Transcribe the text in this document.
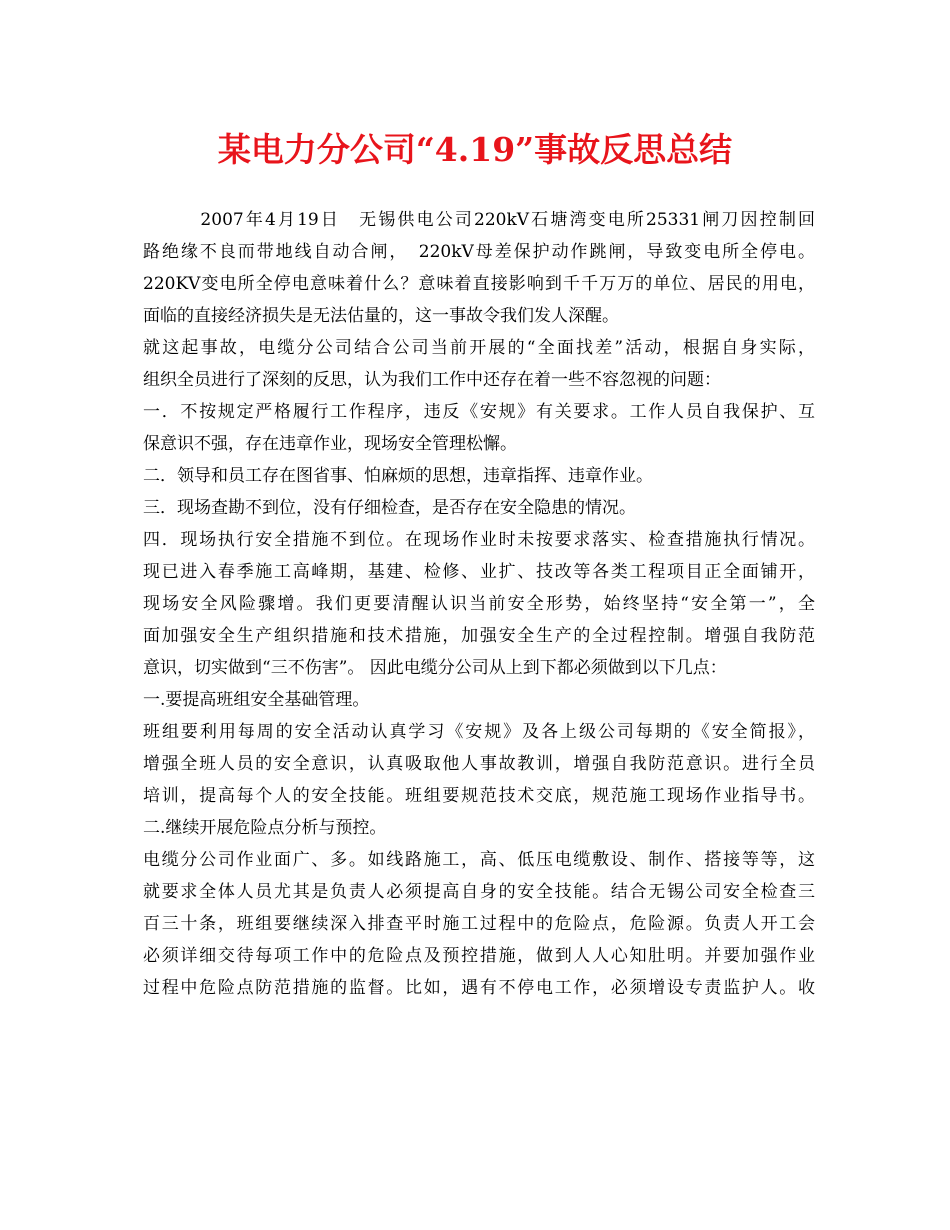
某电力分公司“4.19”事故反思总结
　　　2007年4月19日　无锡供电公司220kV石塘湾变电所25331闸刀因控制回
路绝缘不良而带地线自动合闸，　220kV母差保护动作跳闸，导致变电所全停电。
220KV变电所全停电意味着什么？意味着直接影响到千千万万的单位、居民的用电，
面临的直接经济损失是无法估量的，这一事故令我们发人深醒。
就这起事故，电缆分公司结合公司当前开展的“全面找差”活动，根据自身实际，
组织全员进行了深刻的反思，认为我们工作中还存在着一些不容忽视的问题：
一．不按规定严格履行工作程序，违反《安规》有关要求。工作人员自我保护、互
保意识不强，存在违章作业，现场安全管理松懈。
二．领导和员工存在图省事、怕麻烦的思想，违章指挥、违章作业。
三．现场查勘不到位，没有仔细检查，是否存在安全隐患的情况。
四．现场执行安全措施不到位。在现场作业时未按要求落实、检查措施执行情况。
现已进入春季施工高峰期，基建、检修、业扩、技改等各类工程项目正全面铺开，
现场安全风险骤增。我们更要清醒认识当前安全形势，始终坚持“安全第一”，全
面加强安全生产组织措施和技术措施，加强安全生产的全过程控制。增强自我防范
意识，切实做到“三不伤害”。 因此电缆分公司从上到下都必须做到以下几点：
一.要提高班组安全基础管理。
班组要利用每周的安全活动认真学习《安规》及各上级公司每期的《安全简报》，
增强全班人员的安全意识，认真吸取他人事故教训，增强自我防范意识。进行全员
培训，提高每个人的安全技能。班组要规范技术交底，规范施工现场作业指导书。
二.继续开展危险点分析与预控。
电缆分公司作业面广、多。如线路施工，高、低压电缆敷设、制作、搭接等等，这
就要求全体人员尤其是负责人必须提高自身的安全技能。结合无锡公司安全检查三
百三十条，班组要继续深入排查平时施工过程中的危险点，危险源。负责人开工会
必须详细交待每项工作中的危险点及预控措施，做到人人心知肚明。并要加强作业
过程中危险点防范措施的监督。比如，遇有不停电工作，必须增设专责监护人。收
